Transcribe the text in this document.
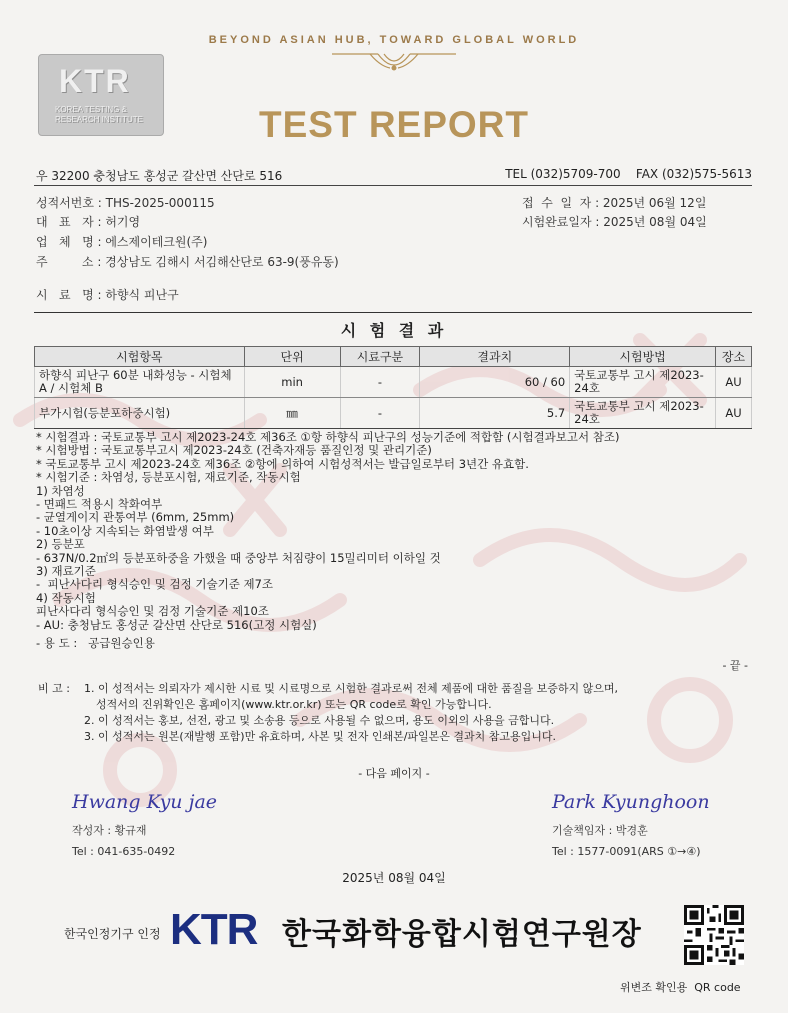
BEYOND ASIAN HUB, TOWARD GLOBAL WORLD
KTR
KOREA TESTING &
RESEARCH INSTITUTE	TEST REPORT
우 32200 충청남도 홍성군 갈산면 산단로 516	TEL (032)5709-700    FAX (032)575-5613
성적서번호 : THS-2025-000115
대   표   자 : 허기영
업   체   명 : 에스제이테크원(주)
주         소 : 경상남도 김해시 서김해산단로 63-9(풍유동)
시   료   명 : 하향식 피난구
접  수  일  자 : 2025년 06월 12일
시험완료일자 : 2025년 08월 04일
시 험 결 과
시험항목	단위	시료구분	결과치	시험방법	장소
하향식 피난구 60분 내화성능 - 시험체 A / 시험체 B	min	-	60 / 60	국토교통부 고시 제2023-24호	AU
부가시험(등분포하중시험)	㎜	-	5.7	국토교통부 고시 제2023-24호	AU
* 시험결과 : 국토교통부 고시 제2023-24호 제36조 ①항 하향식 피난구의 성능기준에 적합함 (시험결과보고서 참조)
* 시험방법 : 국토교통부고시 제2023-24호 (건축자재등 품질인정 및 관리기준)
* 국토교통부 고시 제2023-24호 제36조 ②항에 의하여 시험성적서는 발급일로부터 3년간 유효함.
* 시험기준 : 차염성, 등분포시험, 재료기준, 작동시험
1) 차염성
- 면패드 적용시 착화여부
- 균열게이지 관통여부 (6mm, 25mm)
- 10초이상 지속되는 화염발생 여부
2) 등분포
- 637N/0.2㎡의 등분포하중을 가했을 때 중앙부 처짐량이 15밀리미터 이하일 것
3) 재료기준
-  피난사다리 형식승인 및 검정 기술기준 제7조
4) 작동시험
피난사다리 형식승인 및 검정 기술기준 제10조
- AU: 충청남도 홍성군 갈산면 산단로 516(고정 시험실)
- 용 도 :   공급원승인용
- 끝 -
비 고 : 1. 이 성적서는 의뢰자가 제시한 시료 및 시료명으로 시험한 결과로써 전체 제품에 대한 품질을 보증하지 않으며,
성적서의 진위확인은 홈페이지(www.ktr.or.kr) 또는 QR code로 확인 가능합니다.
2. 이 성적서는 홍보, 선전, 광고 및 소송용 등으로 사용될 수 없으며, 용도 이외의 사용을 금합니다.
3. 이 성적서는 원본(재발행 포함)만 유효하며, 사본 및 전자 인쇄본/파일본은 결과치 참고용입니다.
- 다음 페이지 -
Hwang Kyu jae
작성자 : 황규재
Tel : 041-635-0492
Park Kyunghoon
기술책임자 : 박경훈
Tel : 1577-0091(ARS ①→④)
2025년 08월 04일
한국인정기구 인정 KTR 한국화학융합시험연구원장
위변조 확인용  QR code
